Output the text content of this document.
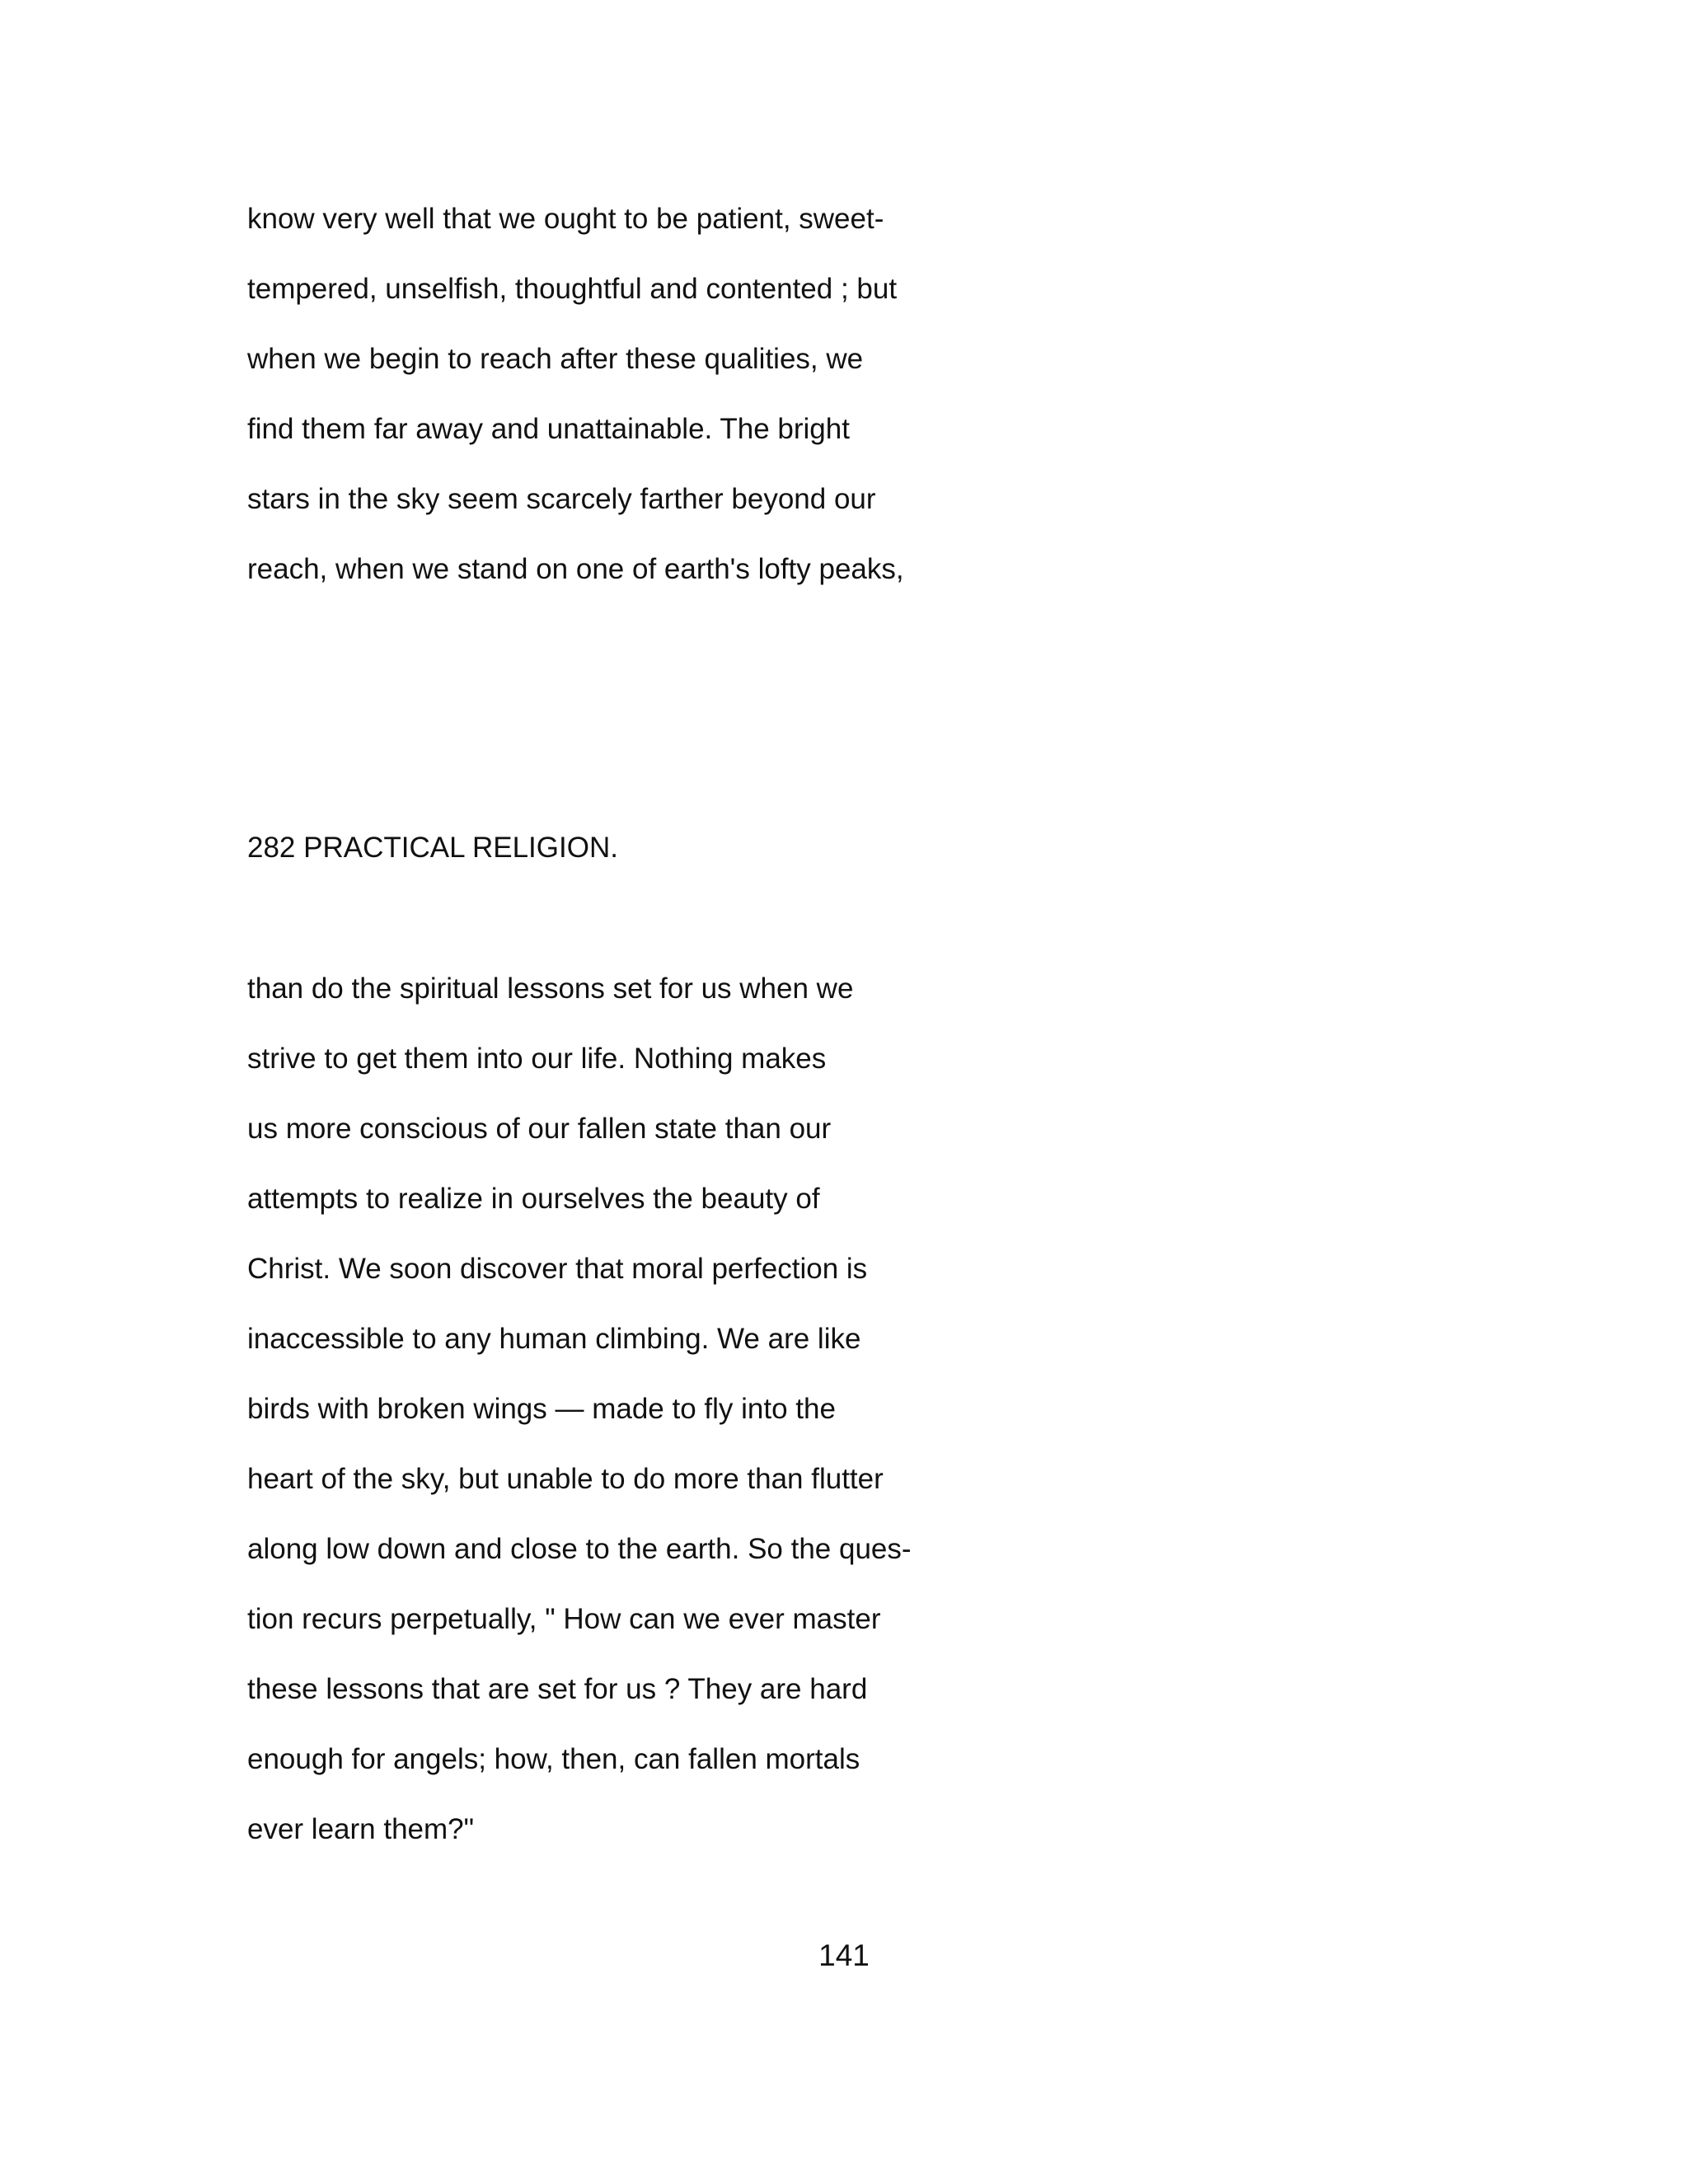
know very well that we ought to be patient, sweet-
tempered, unselfish, thoughtful and contented ; but
when we begin to reach after these qualities, we
find them far away and unattainable. The bright
stars in the sky seem scarcely farther beyond our
reach, when we stand on one of earth's lofty peaks,
282 PRACTICAL RELIGION.
than do the spiritual lessons set for us when we
strive to get them into our life. Nothing makes
us more conscious of our fallen state than our
attempts to realize in ourselves the beauty of
Christ. We soon discover that moral perfection is
inaccessible to any human climbing. We are like
birds with broken wings — made to fly into the
heart of the sky, but unable to do more than flutter
along low down and close to the earth. So the ques-
tion recurs perpetually, " How can we ever master
these lessons that are set for us ? They are hard
enough for angels; how, then, can fallen mortals
ever learn them?"
141
